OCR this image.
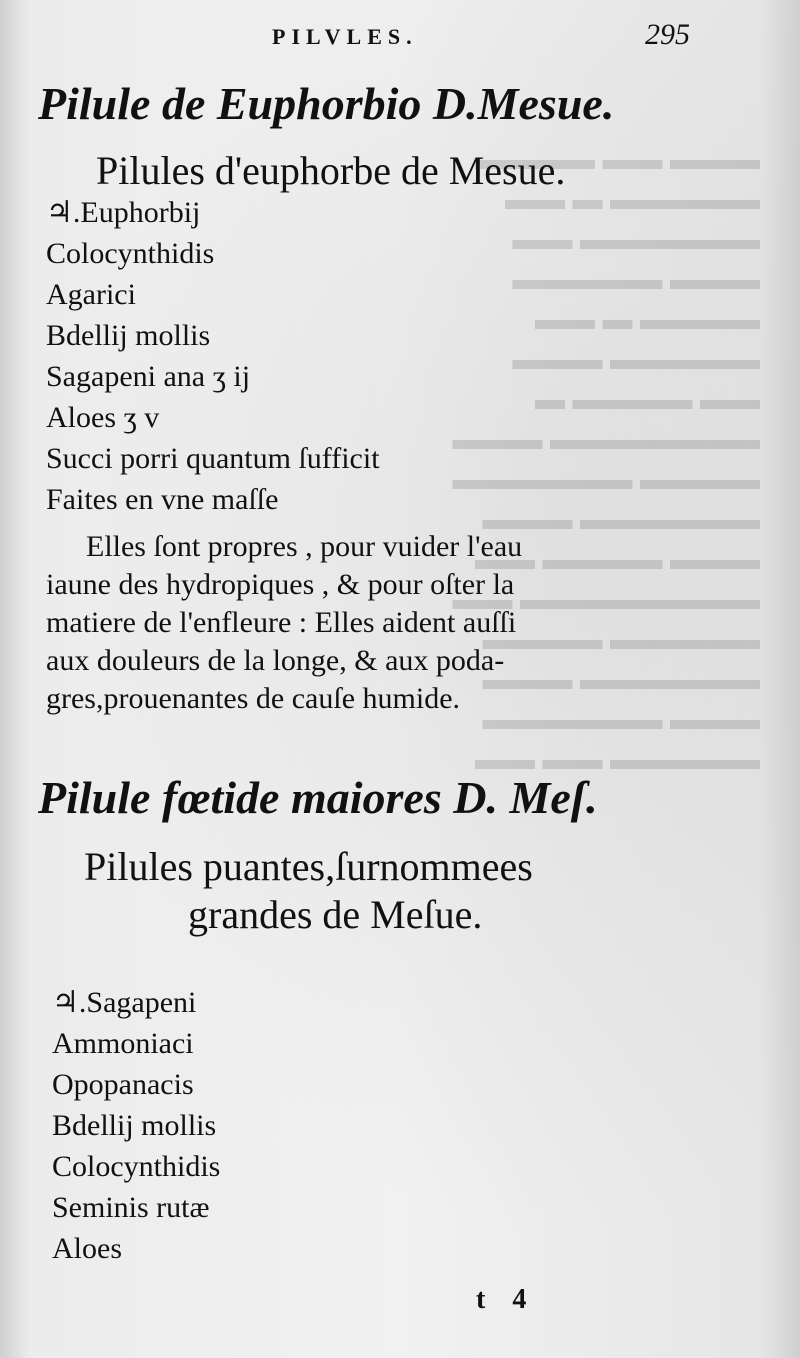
▬▬▬ ▬▬ ▬▬▬▬
▬▬▬▬▬ ▬ ▬▬
▬▬▬▬▬▬ ▬▬
▬▬▬ ▬▬▬▬▬
▬▬▬▬ ▬ ▬▬
▬▬▬▬▬ ▬▬▬
▬▬ ▬▬▬▬ ▬
▬▬▬▬▬▬▬ ▬▬▬
▬▬▬▬ ▬▬▬▬▬▬
▬▬▬▬▬▬ ▬▬▬
▬▬▬ ▬▬▬▬ ▬▬
▬▬▬▬▬▬▬▬ ▬▬
▬▬▬▬▬ ▬▬▬▬
▬▬▬▬▬▬ ▬▬▬
▬▬▬ ▬▬▬▬▬▬
▬▬▬▬▬ ▬▬ ▬▬
PILVLES.	295
Pilule de Euphorbio D.Mesue.
Pilules d'euphorbe de Mesue.
♃.Euphorbij
Colocynthidis
Agarici
Bdellij mollis
Sagapeni ana ʒ ij
Aloes ʒ v
Succi porri quantum ſufficit
Faites en vne maſſe
Elles ſont propres , pour vuider l'eau
iaune des hydropiques , & pour oſter la
matiere de l'enfleure : Elles aident auſſi
aux douleurs de la longe, & aux poda-
gres,prouenantes de cauſe humide.
Pilule fœtide maiores D. Meſ.
Pilules puantes,ſurnommees
grandes de Meſue.
♃.Sagapeni
Ammoniaci
Opopanacis
Bdellij mollis
Colocynthidis
Seminis rutæ
Aloes
t 4
